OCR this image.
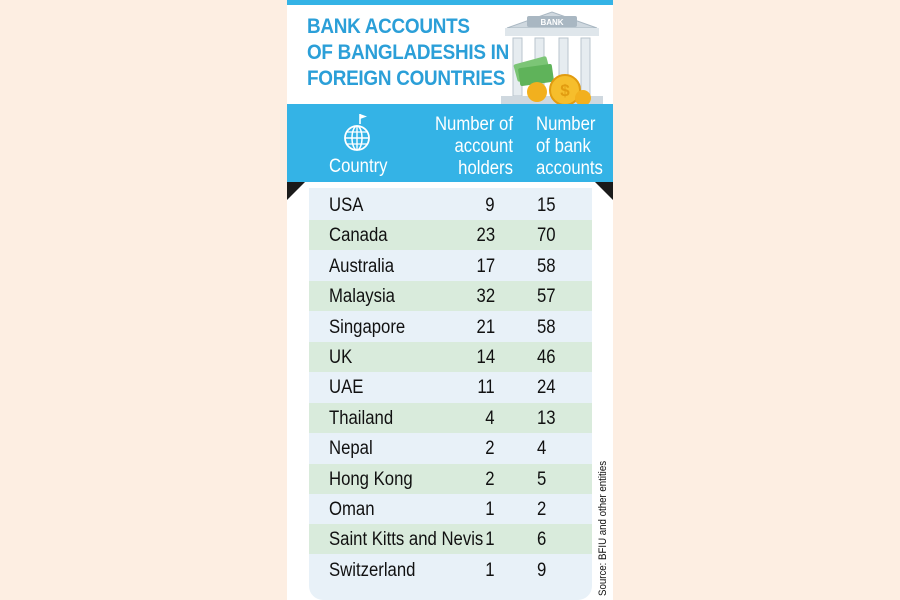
BANK ACCOUNTS
OF BANGLADESHIS IN
FOREIGN COUNTRIES
BANK
$
Country
Number of
account
holders
Number
of bank
accounts
USA	9 15
Canada	23 70
Australia	17 58
Malaysia	32 57
Singapore	21 58
UK	14 46
UAE	11 24
Thailand	4 13
Nepal	2 4
Hong Kong	2 5
Oman	1 2
Saint Kitts and Nevis 1 6
Switzerland	1 9	Source: BFIU and other entities
